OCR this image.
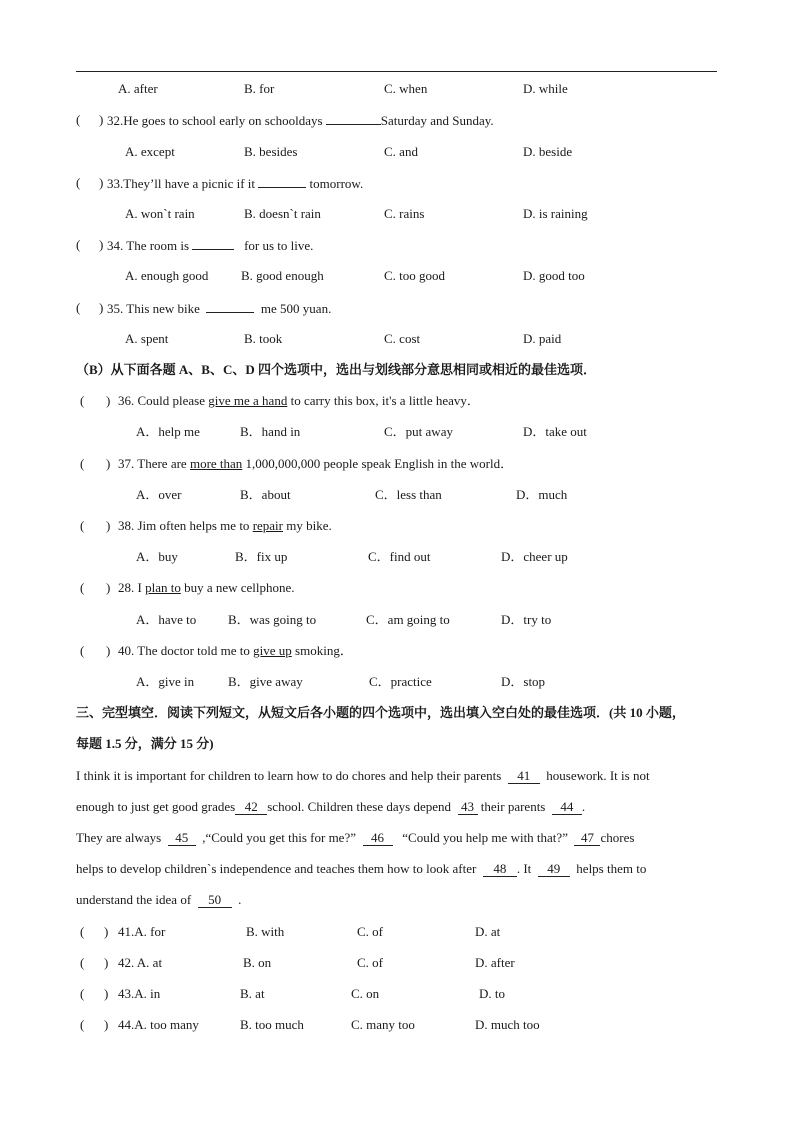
A. after	B. for	C. when	D. while
( ) 32.He goes to school early on schooldays	Saturday and Sunday.
A. except	B. besides	C. and	D. beside
( ) 33.They’ll have a picnic if it	tomorrow.
A. won`t rain	B. doesn`t rain	C. rains	D. is raining
( ) 34. The room is	for us to live.
A. enough good	B. good enough	C. too good	D. good too
( ) 35. This new bike	me 500 yuan.
A. spent	B. took	C. cost	D. paid
（B）从下面各题 A、B、C、D 四个选项中，选出与划线部分意思相同或相近的最佳选项．
( ) 36. Could please give me a hand to carry this box, it's a little heavy．
A．help me	B．hand in	C．put away	D．take out
( ) 37. There are more than 1,000,000,000 people speak English in the world．
A．over	B．about	C．less than	D．much
( ) 38. Jim often helps me to repair my bike.
A．buy	B．fix up	C．find out	D．cheer up
( ) 28. I plan to buy a new cellphone.
A．have to B．was going to	C．am going to	D．try to
( ) 40. The doctor told me to give up smoking．
A．give in	B．give away	C．practice	D．stop
三、完型填空．阅读下列短文，从短文后各小题的四个选项中，选出填入空白处的最佳选项．(共 10 小题，
每题 1.5 分，满分 15 分)
I think it is important for children to learn how to do chores and help their parents 41 housework. It is not
enough to just get good grades 42 school. Children these days depend 43 their parents 44 .
They are always 45 ,“Could you get this for me?” 46 “Could you help me with that?” 47 chores
helps to develop children`s independence and teaches them how to look after 48 . It 49 helps them to
understand the idea of 50 .
( ) 41.A. for	B. with	C. of	D. at
( ) 42. A. at	B. on	C. of	D. after
( ) 43.A. in	B. at	C. on	D. to
( ) 44.A. too many	B. too much	C. many too	D. much too
